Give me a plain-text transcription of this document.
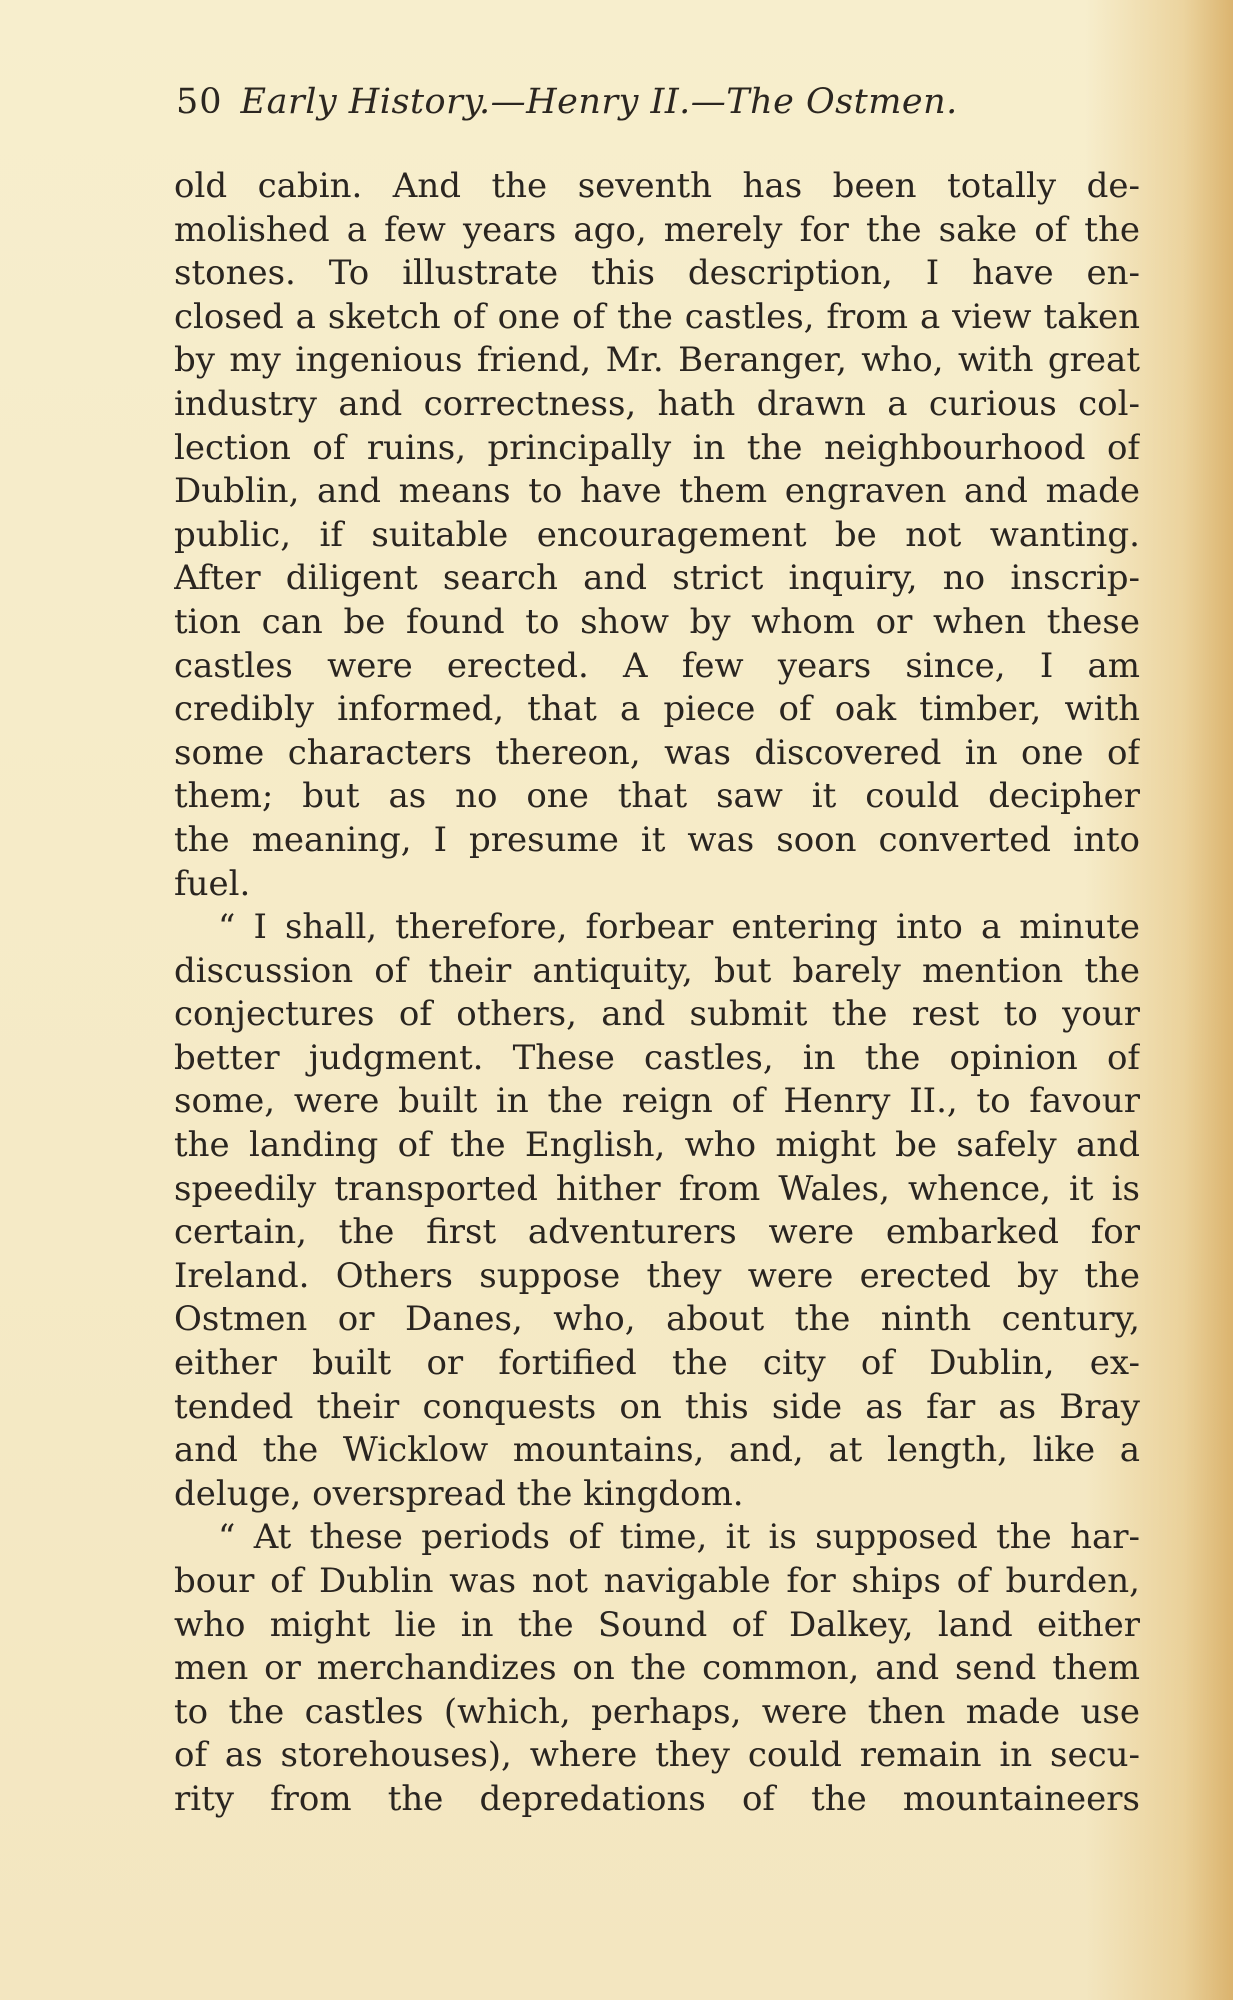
50 Early History.—Henry II.—The Ostmen.
old cabin. And the seventh has been totally de-
molished a few years ago, merely for the sake of the
stones. To illustrate this description, I have en-
closed a sketch of one of the castles, from a view taken
by my ingenious friend, Mr. Beranger, who, with great
industry and correctness, hath drawn a curious col-
lection of ruins, principally in the neighbourhood of
Dublin, and means to have them engraven and made
public, if suitable encouragement be not wanting.
After diligent search and strict inquiry, no inscrip-
tion can be found to show by whom or when these
castles were erected. A few years since, I am
credibly informed, that a piece of oak timber, with
some characters thereon, was discovered in one of
them; but as no one that saw it could decipher
the meaning, I presume it was soon converted into
fuel.
“ I shall, therefore, forbear entering into a minute
discussion of their antiquity, but barely mention the
conjectures of others, and submit the rest to your
better judgment. These castles, in the opinion of
some, were built in the reign of Henry II., to favour
the landing of the English, who might be safely and
speedily transported hither from Wales, whence, it is
certain, the first adventurers were embarked for
Ireland. Others suppose they were erected by the
Ostmen or Danes, who, about the ninth century,
either built or fortified the city of Dublin, ex-
tended their conquests on this side as far as Bray
and the Wicklow mountains, and, at length, like a
deluge, overspread the kingdom.
“ At these periods of time, it is supposed the har-
bour of Dublin was not navigable for ships of burden,
who might lie in the Sound of Dalkey, land either
men or merchandizes on the common, and send them
to the castles (which, perhaps, were then made use
of as storehouses), where they could remain in secu-
rity from the depredations of the mountaineers
